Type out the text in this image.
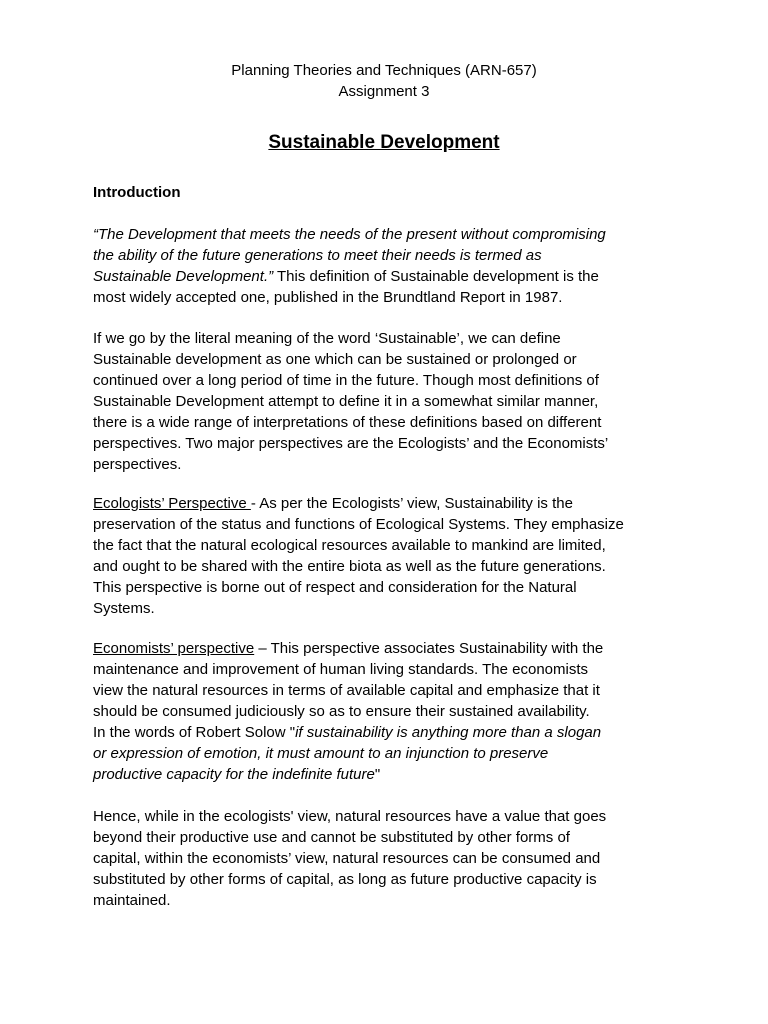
Planning Theories and Techniques (ARN-657)
Assignment 3
Sustainable Development
Introduction
“The Development that meets the needs of the present without compromising
the ability of the future generations to meet their needs is termed as
Sustainable Development.” This definition of Sustainable development is the
most widely accepted one, published in the Brundtland Report in 1987.
If we go by the literal meaning of the word ‘Sustainable’, we can define
Sustainable development as one which can be sustained or prolonged or
continued over a long period of time in the future. Though most definitions of
Sustainable Development attempt to define it in a somewhat similar manner,
there is a wide range of interpretations of these definitions based on different
perspectives. Two major perspectives are the Ecologists’ and the Economists’
perspectives.
Ecologists’ Perspective - As per the Ecologists’ view, Sustainability is the
preservation of the status and functions of Ecological Systems. They emphasize
the fact that the natural ecological resources available to mankind are limited,
and ought to be shared with the entire biota as well as the future generations.
This perspective is borne out of respect and consideration for the Natural
Systems.
Economists’ perspective – This perspective associates Sustainability with the
maintenance and improvement of human living standards. The economists
view the natural resources in terms of available capital and emphasize that it
should be consumed judiciously so as to ensure their sustained availability.
In the words of Robert Solow "if sustainability is anything more than a slogan
or expression of emotion, it must amount to an injunction to preserve
productive capacity for the indefinite future"
Hence, while in the ecologists' view, natural resources have a value that goes
beyond their productive use and cannot be substituted by other forms of
capital, within the economists’ view, natural resources can be consumed and
substituted by other forms of capital, as long as future productive capacity is
maintained.
